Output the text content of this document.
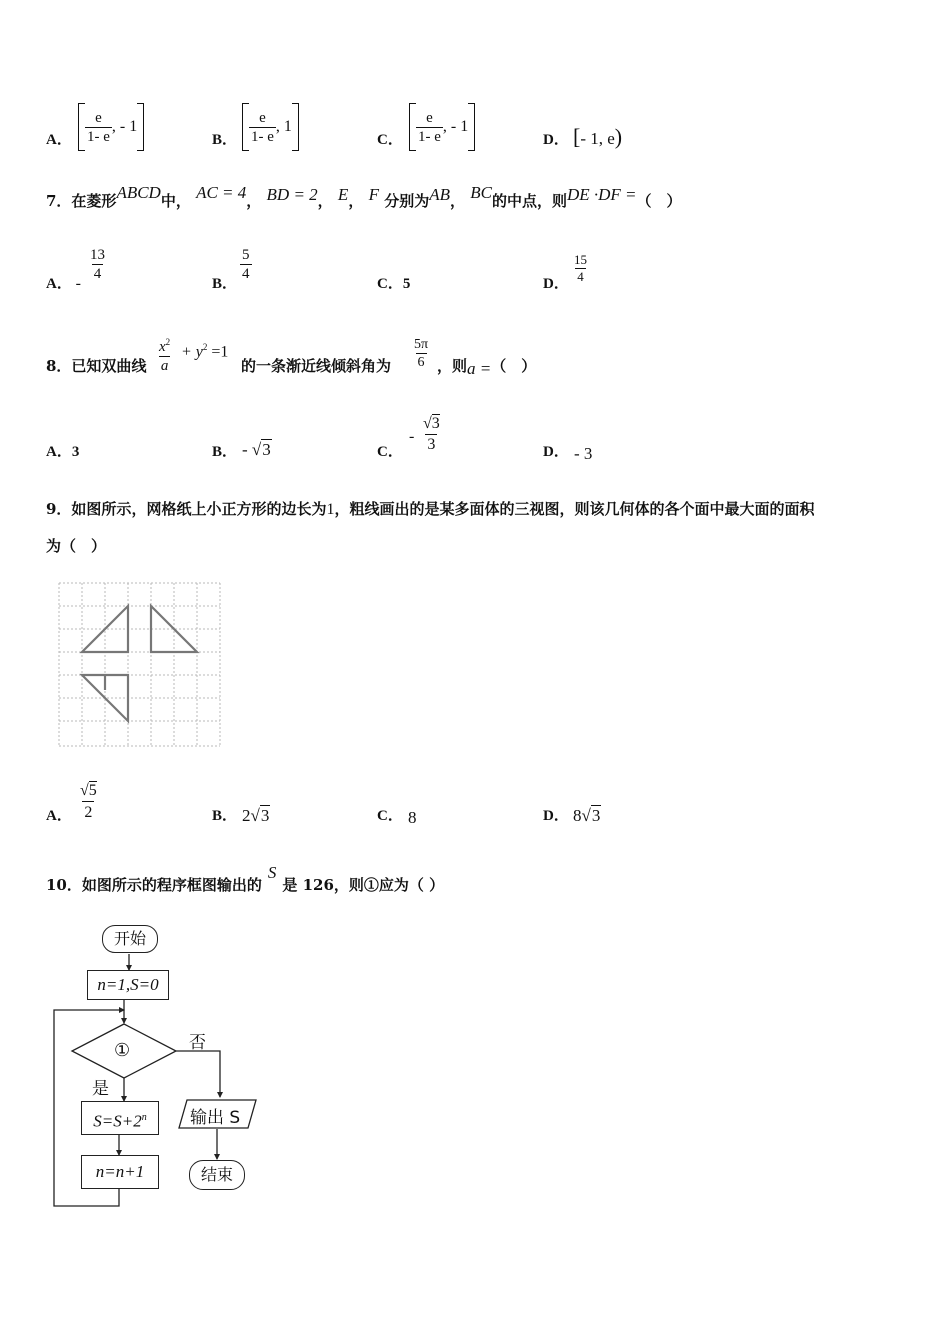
A． $\frac{e}{1- e}$ , - 1
B． $\frac{e}{1- e}$ , 1
C． $\frac{e}{1- e}$ , - 1
D． [- 1, e)
7．在菱形ABCD中， AC = 4， BD = 2， E， F 分别为AB， BC的中点，则DE ·DF =（　）
A． -
$\frac{13}{4}$
B．
$\frac{5}{4}$
C．5	D． $\frac{15}{4}$
8．已知双曲线 $\frac{x^2}{a} + y^2 =1$
的一条渐近线倾斜角为 $\frac{5\pi}{6}$ ，则a =（　）
A．3	B． - √3	C．
- $\frac{√3}{3}$	D． - 3
9．如图所示，网格纸上小正方形的边长为1，粗线画出的是某多面体的三视图，则该几何体的各个面中最大面的面积
为（　）
A． $\frac{√5}{2}$	B． 2√3	C． 8	D． 8√3
10．如图所示的程序框图输出的S是 126，则①应为（ ）
开始
n=1,S=0
①	否
是
$S=S+2^n$
n=n+1
输出 S
结束
